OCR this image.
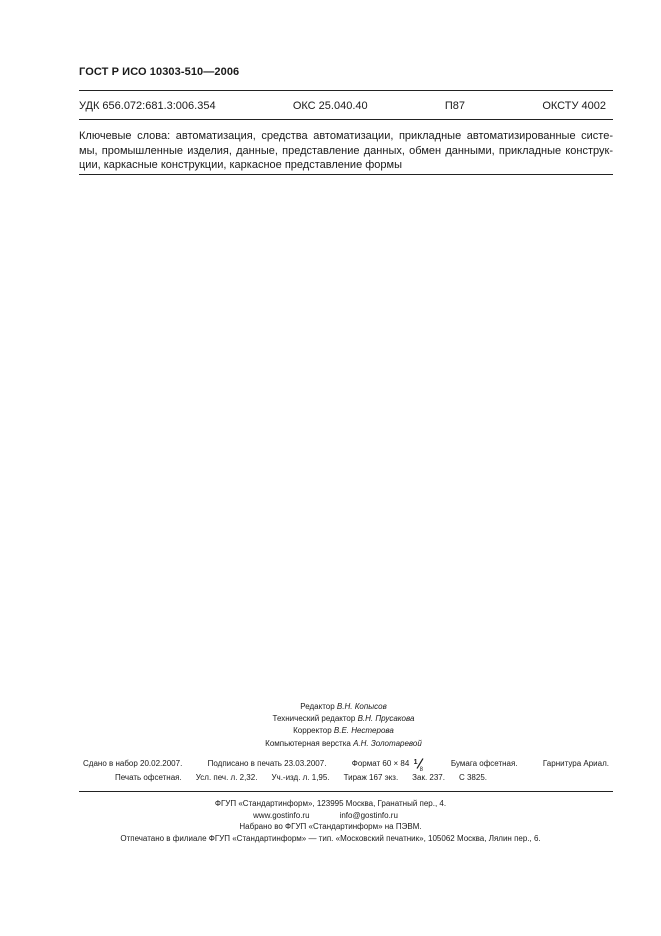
ГОСТ Р ИСО 10303-510—2006
УДК 656.072:681.3:006.354	ОКС 25.040.40	П87	ОКСТУ 4002
Ключевые слова: автоматизация, средства автоматизации, прикладные автоматизированные систе-
мы, промышленные изделия, данные, представление данных, обмен данными, прикладные конструк-
ции, каркасные конструкции, каркасное представление формы
Редактор В.Н. Копысов
Технический редактор В.Н. Прусакова
Корректор В.Е. Нестерова
Компьютерная верстка А.Н. Золотаревой
Сдано в набор 20.02.2007.	Подписано в печать 23.03.2007.	Формат 60 × 84 1
8
Бумага офсетная.	Гарнитура Ариал.
Печать офсетная. Усл. печ. л. 2,32. Уч.-изд. л. 1,95. Тираж 167 экз. Зак. 237. С 3825.
ФГУП «Стандартинформ», 123995 Москва, Гранатный пер., 4.
www.gostinfo.ru	info@gostinfo.ru
Набрано во ФГУП «Стандартинформ» на ПЭВМ.
Отпечатано в филиале ФГУП «Стандартинформ» — тип. «Московский печатник», 105062 Москва, Лялин пер., 6.
